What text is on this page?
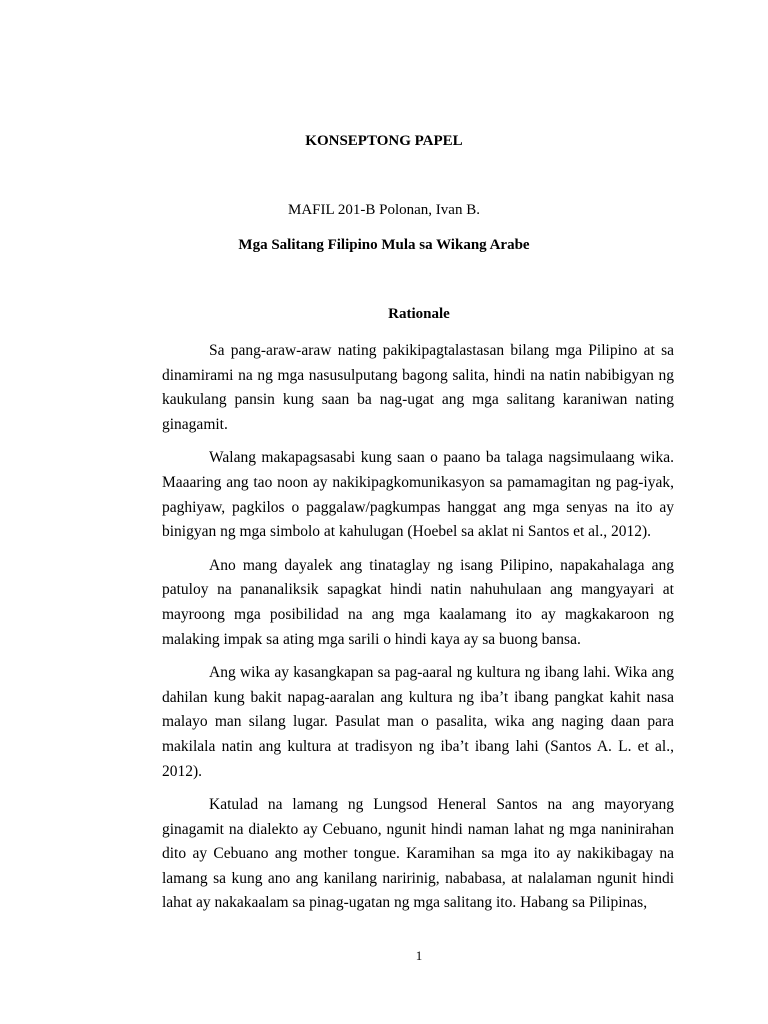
KONSEPTONG PAPEL
MAFIL 201-B Polonan, Ivan B.
Mga Salitang Filipino Mula sa Wikang Arabe
Rationale

Sa pang-araw-araw nating pakikipagtalastasan bilang mga Pilipino at sa dinamirami na ng mga nasusulputang bagong salita, hindi na natin nabibigyan ng kaukulang pansin kung saan ba nag-ugat ang mga salitang karaniwan nating ginagamit.

Walang makapagsasabi kung saan o paano ba talaga nagsimulaang wika. Maaaring ang tao noon ay nakikipagkomunikasyon sa pamamagitan ng pag-iyak, paghiyaw, pagkilos o paggalaw/pagkumpas hanggat ang mga senyas na ito ay binigyan ng mga simbolo at kahulugan (Hoebel sa aklat ni Santos et al., 2012).

Ano mang dayalek ang tinataglay ng isang Pilipino, napakahalaga ang patuloy na pananaliksik sapagkat hindi natin nahuhulaan ang mangyayari at mayroong mga posibilidad na ang mga kaalamang ito ay magkakaroon ng malaking impak sa ating mga sarili o hindi kaya ay sa buong bansa.

Ang wika ay kasangkapan sa pag-aaral ng kultura ng ibang lahi. Wika ang dahilan kung bakit napag-aaralan ang kultura ng iba’t ibang pangkat kahit nasa malayo man silang lugar. Pasulat man o pasalita, wika ang naging daan para makilala natin ang kultura at tradisyon ng iba’t ibang lahi (Santos A. L. et al., 2012).

Katulad na lamang ng Lungsod Heneral Santos na ang mayoryang ginagamit na dialekto ay Cebuano, ngunit hindi naman lahat ng mga naninirahan dito ay Cebuano ang mother tongue. Karamihan sa mga ito ay nakikibagay na lamang sa kung ano ang kanilang naririnig, nababasa, at nalalaman ngunit hindi lahat ay nakakaalam sa pinag-ugatan ng mga salitang ito. Habang sa Pilipinas,

1
